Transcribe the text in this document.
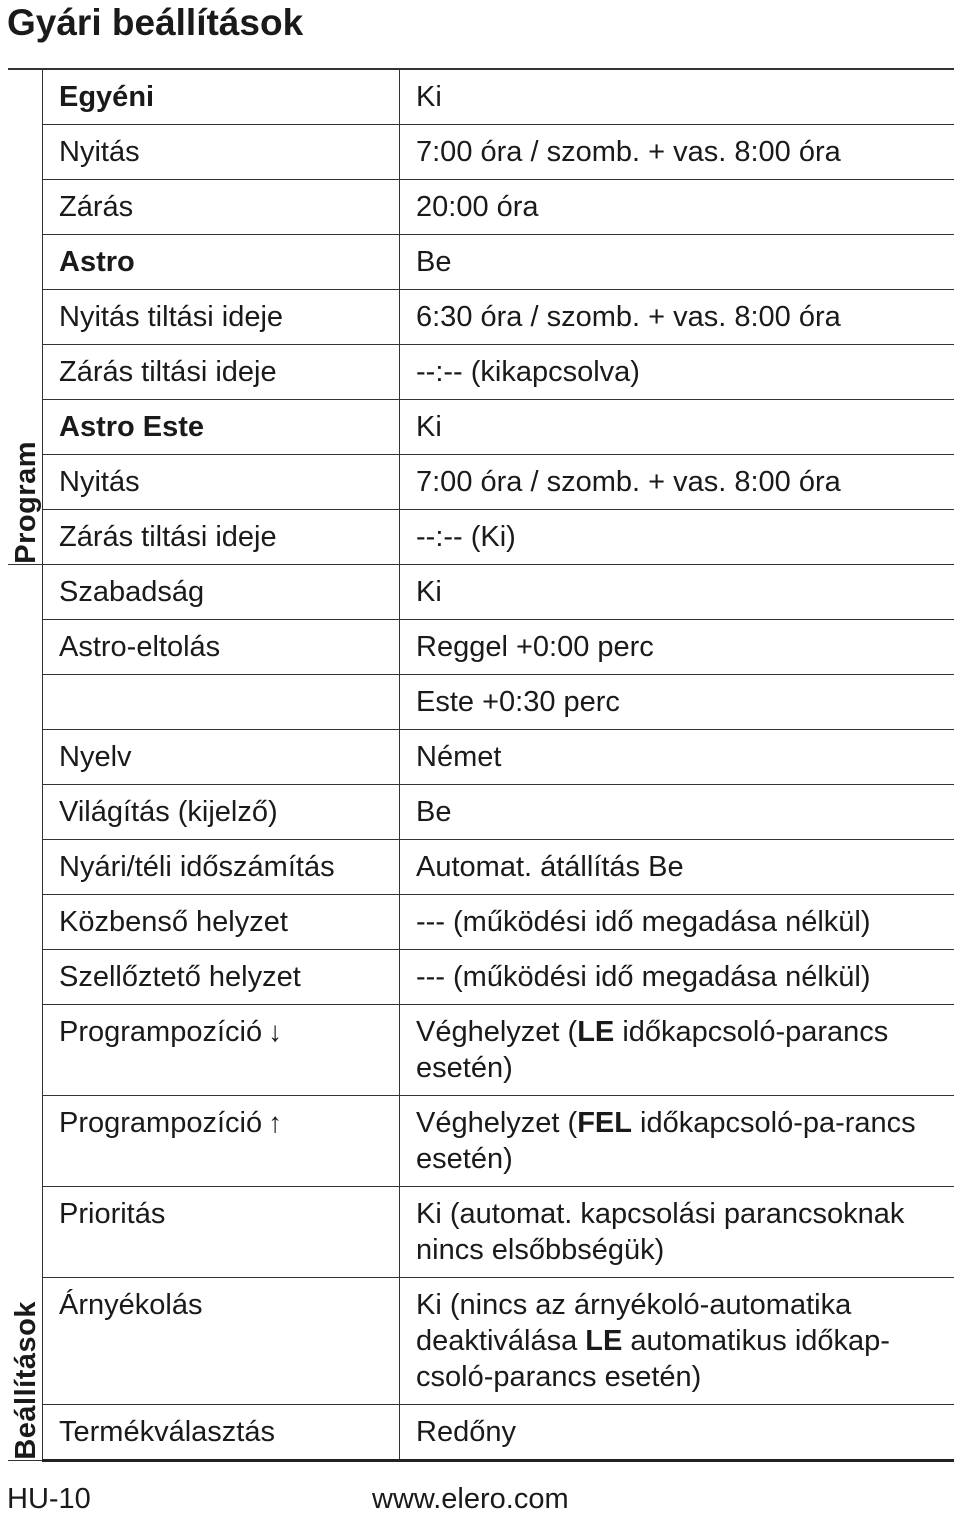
Gyári beállítások
Program	Egyéni	Ki
	Nyitás	7:00 óra / szomb. + vas. 8:00 óra
	Zárás	20:00 óra
	Astro	Be
	Nyitás tiltási ideje	6:30 óra / szomb. + vas. 8:00 óra
	Zárás tiltási ideje	--:-- (kikapcsolva)
	Astro Este	Ki
	Nyitás	7:00 óra / szomb. + vas. 8:00 óra
	Zárás tiltási ideje	--:-- (Ki)

Beállítások	Szabadság	Ki
	Astro-eltolás	Reggel +0:00 perc
		Este +0:30 perc
	Nyelv	Német
	Világítás (kijelző)	Be
	Nyári/téli időszámítás	Automat. átállítás Be
	Közbenső helyzet	--- (működési idő megadása nélkül)
	Szellőztető helyzet	--- (működési idő megadása nélkül)
	Programpozíció ↓	Véghelyzet (LE időkapcsoló-parancs esetén)
	Programpozíció ↑	Véghelyzet (FEL időkapcsoló-pa-rancs esetén)
	Prioritás	Ki (automat. kapcsolási parancsoknak nincs elsőbbségük)
	Árnyékolás	Ki (nincs az árnyékoló-automatika deaktiválása LE automatikus időkap-csoló-parancs esetén)
	Termékválasztás	Redőny
HU-10	www.elero.com
